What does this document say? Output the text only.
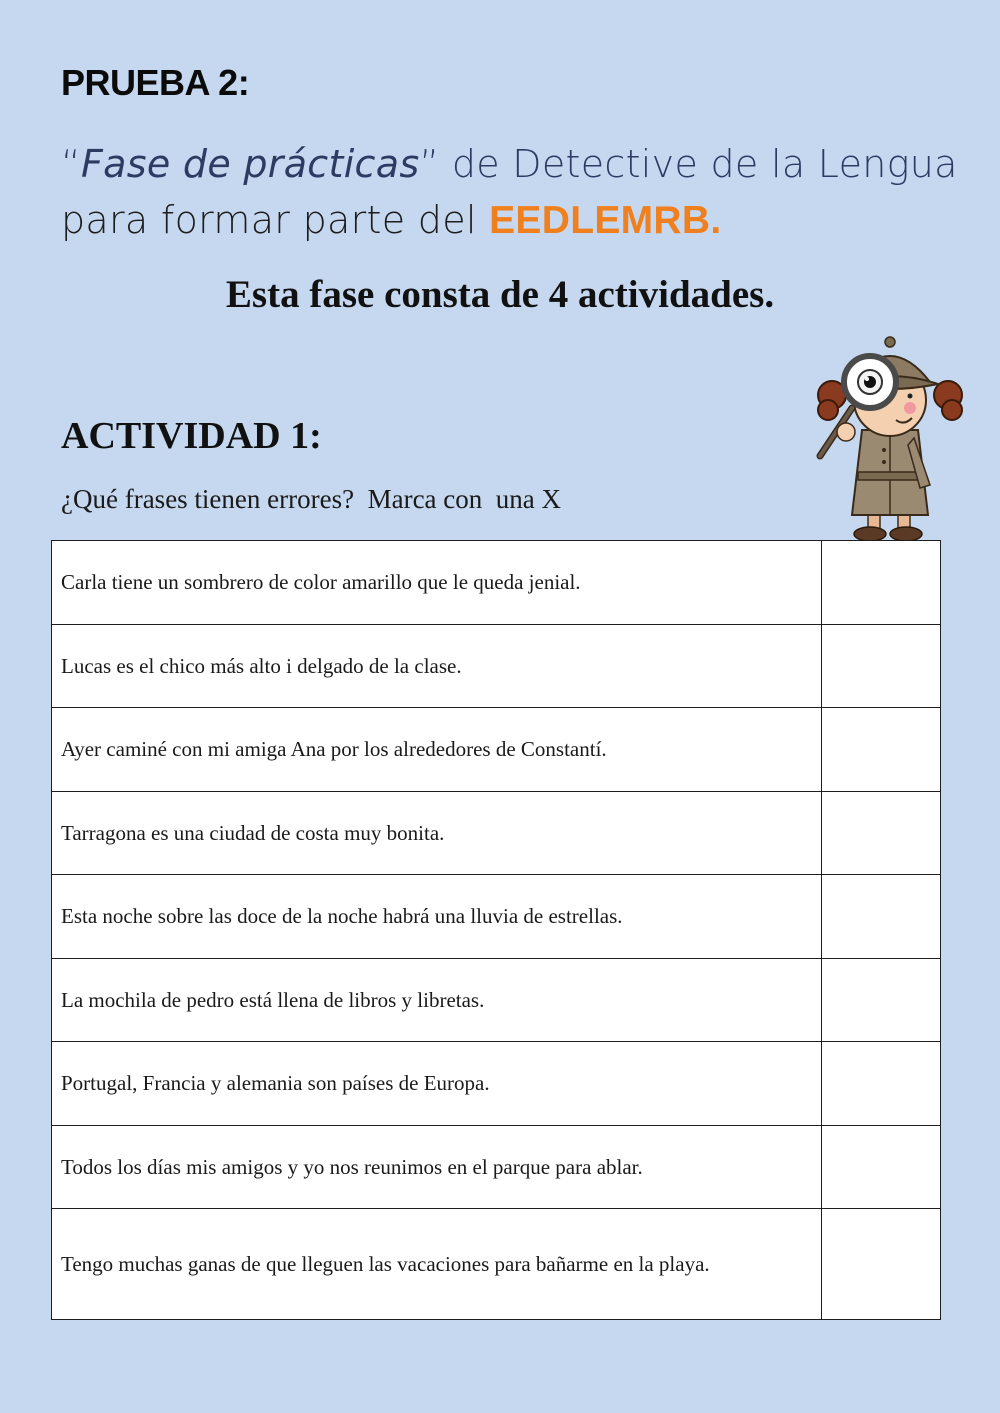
PRUEBA 2:
“Fase de prácticas” de Detective de la Lengua para formar parte del EEDLEMRB.
Esta fase consta de 4 actividades.
ACTIVIDAD 1:
¿Qué frases tienen errores?  Marca con  una X
Carla tiene un sombrero de color amarillo que le queda jenial.	
Lucas es el chico más alto i delgado de la clase.	
Ayer caminé con mi amiga Ana por los alrededores de Constantí.	
Tarragona es una ciudad de costa muy bonita.	
Esta noche sobre las doce de la noche habrá una lluvia de estrellas.	
La mochila de pedro está llena de libros y libretas.	
Portugal, Francia y alemania son países de Europa.	
Todos los días mis amigos y yo nos reunimos en el parque para ablar.	
Tengo muchas ganas de que lleguen las vacaciones para bañarme en la playa.	
